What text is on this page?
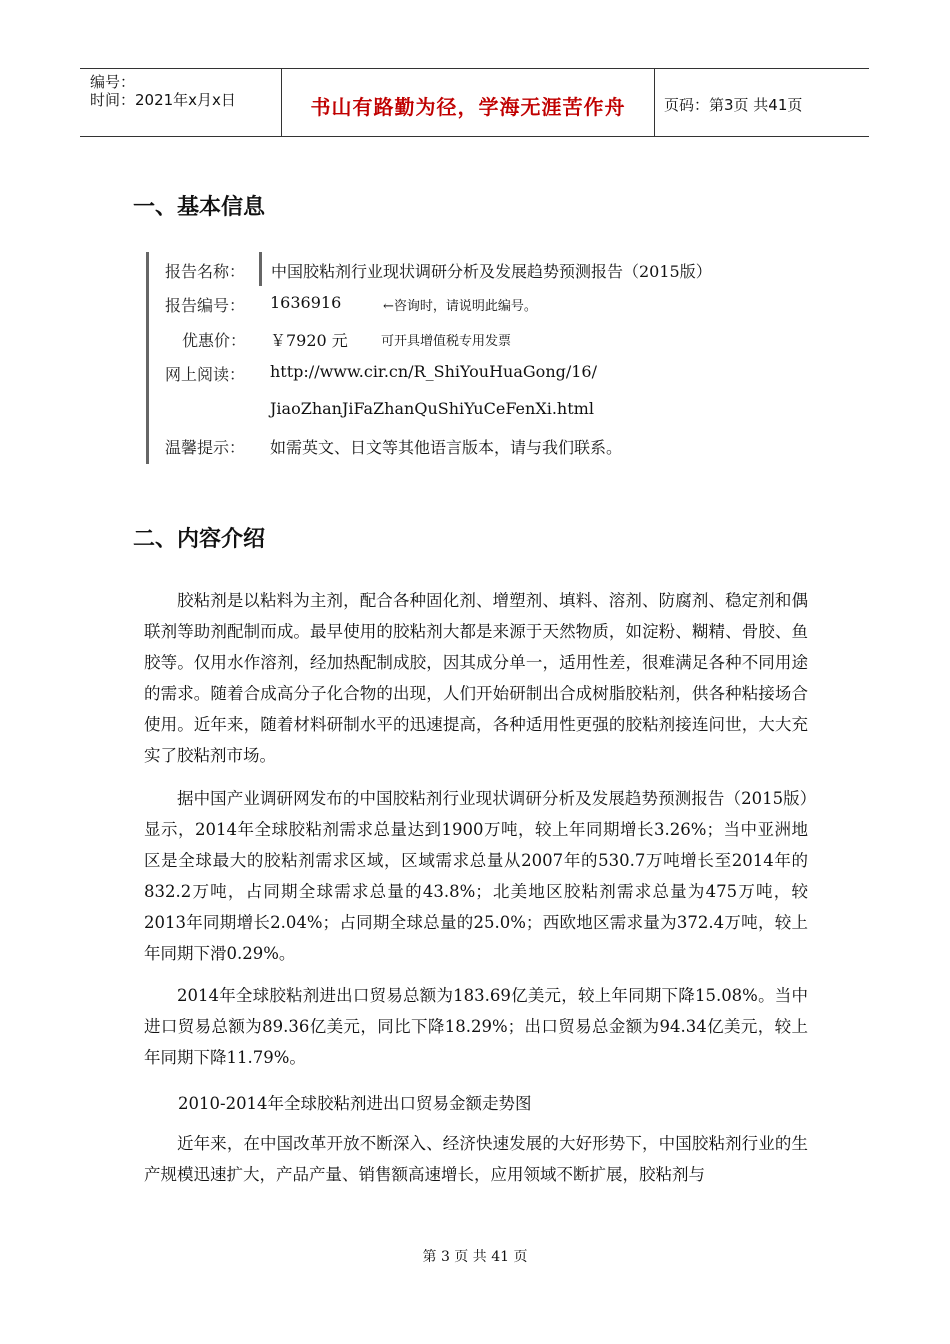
编号：
时间：2021年x月x日	书山有路勤为径，学海无涯苦作舟	页码：第3页 共41页
一、基本信息
报告名称： 中国胶粘剂行业现状调研分析及发展趋势预测报告（2015版）
报告编号： 1636916	←咨询时，请说明此编号。
优惠价： ￥7920 元	可开具增值税专用发票
网上阅读： http://www.cir.cn/R_ShiYouHuaGong/16/
JiaoZhanJiFaZhanQuShiYuCeFenXi.html
温馨提示： 如需英文、日文等其他语言版本，请与我们联系。
二、内容介绍

胶粘剂是以粘料为主剂，配合各种固化剂、增塑剂、填料、溶剂、防腐剂、稳定剂和偶联剂等助剂配制而成。最早使用的胶粘剂大都是来源于天然物质，如淀粉、糊精、骨胶、鱼胶等。仅用水作溶剂，经加热配制成胶，因其成分单一，适用性差，很难满足各种不同用途的需求。随着合成高分子化合物的出现，人们开始研制出合成树脂胶粘剂，供各种粘接场合使用。近年来，随着材料研制水平的迅速提高，各种适用性更强的胶粘剂接连问世，大大充实了胶粘剂市场。

据中国产业调研网发布的中国胶粘剂行业现状调研分析及发展趋势预测报告（2015版）显示，2014年全球胶粘剂需求总量达到1900万吨，较上年同期增长3.26%；当中亚洲地区是全球最大的胶粘剂需求区域，区域需求总量从2007年的530.7万吨增长至2014年的832.2万吨，占同期全球需求总量的43.8%；北美地区胶粘剂需求总量为475万吨，较2013年同期增长2.04%；占同期全球总量的25.0%；西欧地区需求量为372.4万吨，较上年同期下滑0.29%。

2014年全球胶粘剂进出口贸易总额为183.69亿美元，较上年同期下降15.08%。当中进口贸易总额为89.36亿美元，同比下降18.29%；出口贸易总金额为94.34亿美元，较上年同期下降11.79%。

2010-2014年全球胶粘剂进出口贸易金额走势图

近年来，在中国改革开放不断深入、经济快速发展的大好形势下，中国胶粘剂行业的生产规模迅速扩大，产品产量、销售额高速增长，应用领域不断扩展，胶粘剂与

第 3 页 共 41 页
